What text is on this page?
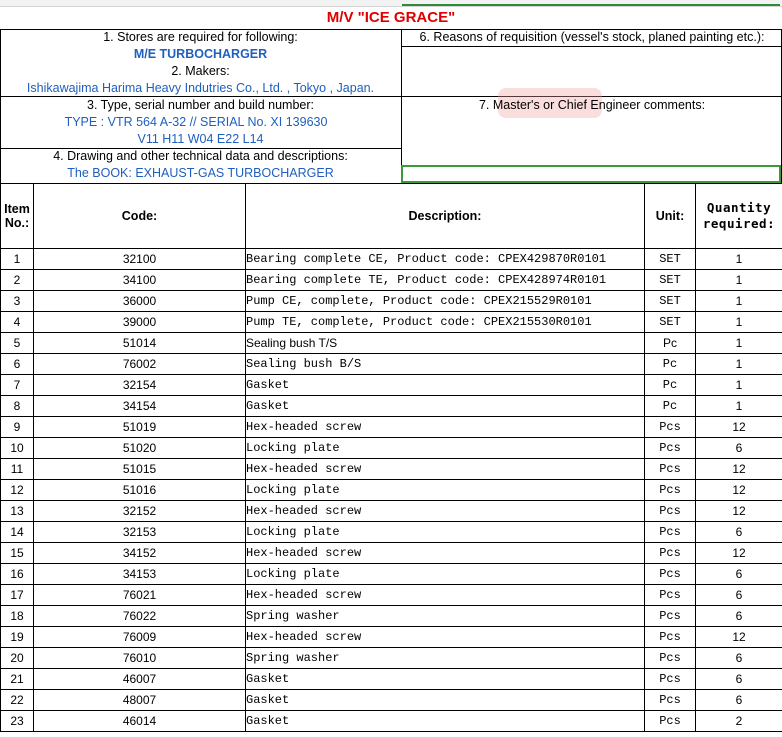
M/V "ICE GRACE"
1. Stores are required for following:
M/E TURBOCHARGER
2. Makers:
Ishikawajima Harima Heavy Indutries Co., Ltd. , Tokyo , Japan.
3. Type, serial number and build number:
TYPE : VTR 564 A-32 // SERIAL No. XI 139630
V11 H11 W04 E22 L14
4. Drawing and other technical data and descriptions:
The BOOK: EXHAUST-GAS TURBOCHARGER
6. Reasons of requisition (vessel's stock, planed painting etc.):
7. Master's or Chief Engineer comments:
Item
No.:	Code:	Description:	Unit:	Quantity
required:
1	32100	Bearing complete CE, Product code: CPEX429870R0101	SET	1
2	34100	Bearing complete TE, Product code: CPEX428974R0101	SET	1
3	36000	Pump CE, complete, Product code: CPEX215529R0101	SET	1
4	39000	Pump TE, complete, Product code: CPEX215530R0101	SET	1
5	51014	Sealing bush T/S	Pc	1
6	76002	Sealing bush B/S	Pc	1
7	32154	Gasket	Pc	1
8	34154	Gasket	Pc	1
9	51019	Hex-headed screw	Pcs	12
10	51020	Locking plate	Pcs	6
11	51015	Hex-headed screw	Pcs	12
12	51016	Locking plate	Pcs	12
13	32152	Hex-headed screw	Pcs	12
14	32153	Locking plate	Pcs	6
15	34152	Hex-headed screw	Pcs	12
16	34153	Locking plate	Pcs	6
17	76021	Hex-headed screw	Pcs	6
18	76022	Spring washer	Pcs	6
19	76009	Hex-headed screw	Pcs	12
20	76010	Spring washer	Pcs	6
21	46007	Gasket	Pcs	6
22	48007	Gasket	Pcs	6
23	46014	Gasket	Pcs	2
